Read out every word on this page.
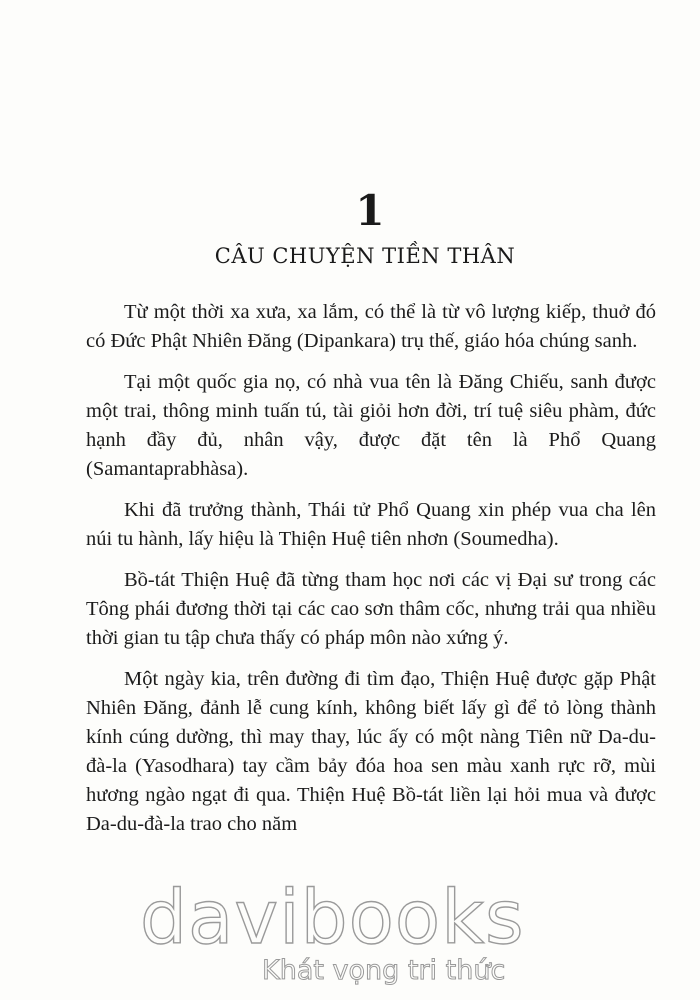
1
CÂU CHUYỆN TIỀN THÂN

Từ một thời xa xưa, xa lắm, có thể là từ vô lượng kiếp, thuở đó có Đức Phật Nhiên Đăng (Dipankara) trụ thế, giáo hóa chúng sanh.

Tại một quốc gia nọ, có nhà vua tên là Đăng Chiếu, sanh được một trai, thông minh tuấn tú, tài giỏi hơn đời, trí tuệ siêu phàm, đức hạnh đầy đủ, nhân vậy, được đặt tên là Phổ Quang (Samantaprabhàsa).

Khi đã trưởng thành, Thái tử Phổ Quang xin phép vua cha lên núi tu hành, lấy hiệu là Thiện Huệ tiên nhơn (Soumedha).

Bồ-tát Thiện Huệ đã từng tham học nơi các vị Đại sư trong các Tông phái đương thời tại các cao sơn thâm cốc, nhưng trải qua nhiều thời gian tu tập chưa thấy có pháp môn nào xứng ý.

Một ngày kia, trên đường đi tìm đạo, Thiện Huệ được gặp Phật Nhiên Đăng, đảnh lễ cung kính, không biết lấy gì để tỏ lòng thành kính cúng dường, thì may thay, lúc ấy có một nàng Tiên nữ Da-du-đà-la (Yasodhara) tay cầm bảy đóa hoa sen màu xanh rực rỡ, mùi hương ngào ngạt đi qua. Thiện Huệ Bồ-tát liền lại hỏi mua và được Da-du-đà-la trao cho năm

davibooks
Khát vọng tri thức
